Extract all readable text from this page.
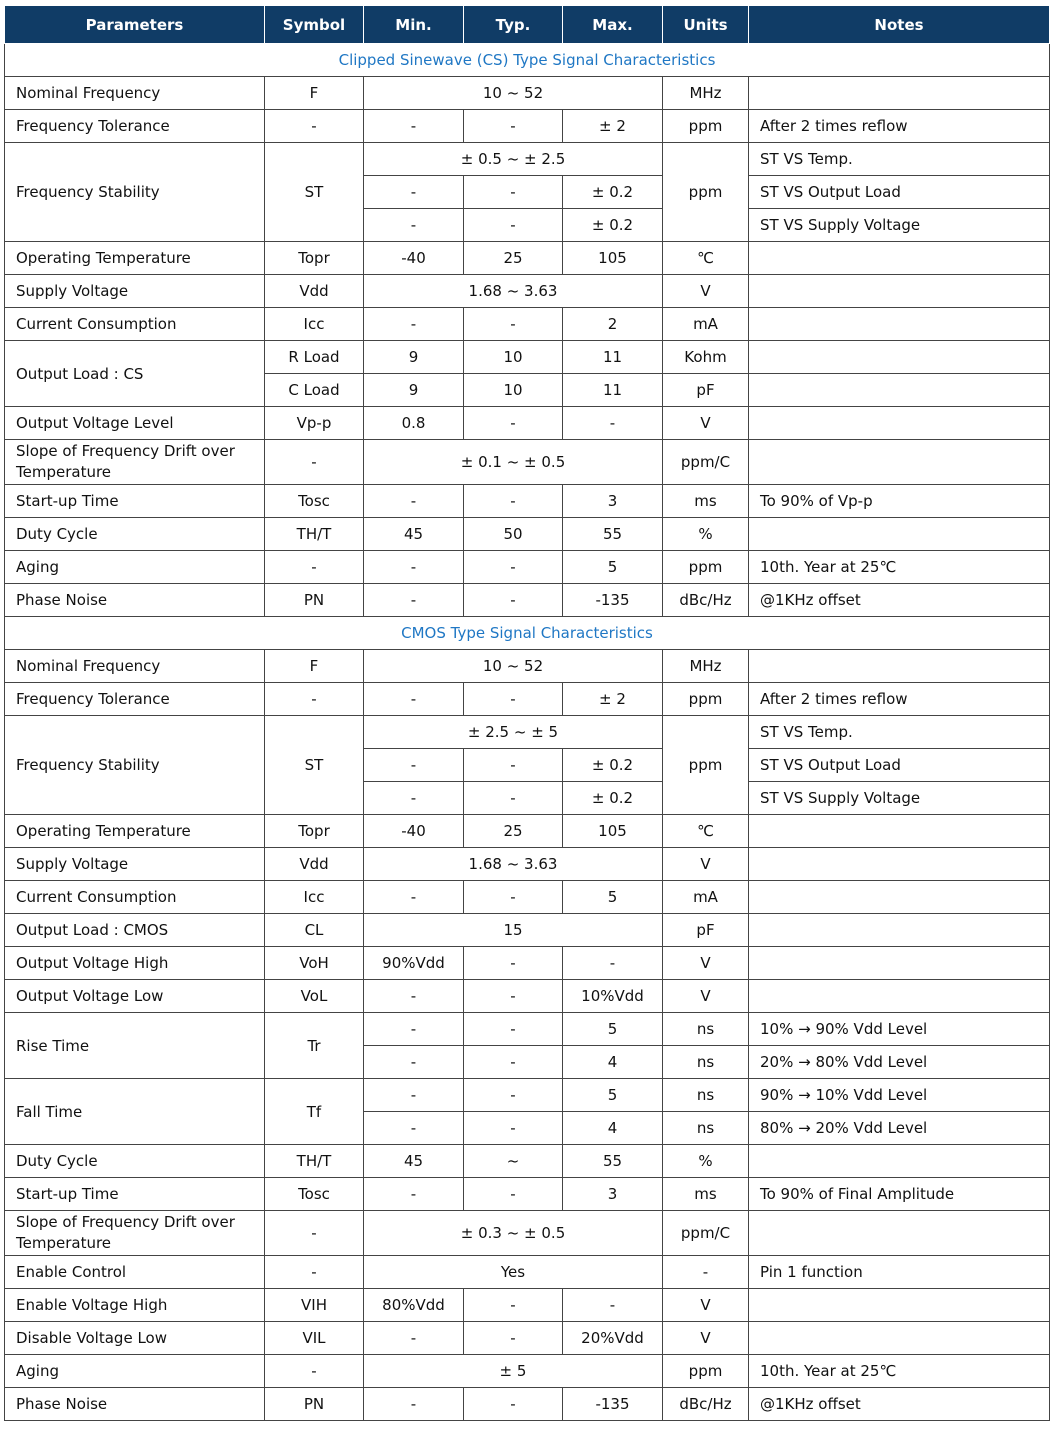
Parameters	Symbol	Min.	Typ.	Max.	Units	Notes
Clipped Sinewave (CS) Type Signal Characteristics						
Nominal Frequency	F	10 ~ 52			MHz	
Frequency Tolerance	-	-	-	± 2	ppm	After 2 times reflow
Frequency Stability	ST	± 0.5 ~ ± 2.5			ppm	ST VS Temp.
		-	-	± 0.2		ST VS Output Load
		-	-	± 0.2		ST VS Supply Voltage
Operating Temperature	Topr	-40	25	105	℃	
Supply Voltage	Vdd	1.68 ~ 3.63			V	
Current Consumption	Icc	-	-	2	mA	
Output Load : CS	R Load	9	10	11	Kohm	
	C Load	9	10	11	pF	
Output Voltage Level	Vp-p	0.8	-	-	V	
Slope of Frequency Drift over Temperature	-	± 0.1 ~ ± 0.5			ppm/C	
Start-up Time	Tosc	-	-	3	ms	To 90% of Vp-p
Duty Cycle	TH/T	45	50	55	%	
Aging	-	-	-	5	ppm	10th. Year at 25℃
Phase Noise	PN	-	-	-135	dBc/Hz	@1KHz offset
CMOS Type Signal Characteristics						
Nominal Frequency	F	10 ~ 52			MHz	
Frequency Tolerance	-	-	-	± 2	ppm	After 2 times reflow
Frequency Stability	ST	± 2.5 ~ ± 5			ppm	ST VS Temp.
		-	-	± 0.2		ST VS Output Load
		-	-	± 0.2		ST VS Supply Voltage
Operating Temperature	Topr	-40	25	105	℃	
Supply Voltage	Vdd	1.68 ~ 3.63			V	
Current Consumption	Icc	-	-	5	mA	
Output Load : CMOS	CL	15			pF	
Output Voltage High	VoH	90%Vdd	-	-	V	
Output Voltage Low	VoL	-	-	10%Vdd	V	
Rise Time	Tr	-	-	5	ns	10% → 90% Vdd Level
		-	-	4	ns	20% → 80% Vdd Level
Fall Time	Tf	-	-	5	ns	90% → 10% Vdd Level
		-	-	4	ns	80% → 20% Vdd Level
Duty Cycle	TH/T	45	~	55	%	
Start-up Time	Tosc	-	-	3	ms	To 90% of Final Amplitude
Slope of Frequency Drift over Temperature	-	± 0.3 ~ ± 0.5			ppm/C	
Enable Control	-	Yes			-	Pin 1 function
Enable Voltage High	VIH	80%Vdd	-	-	V	
Disable Voltage Low	VIL	-	-	20%Vdd	V	
Aging	-	± 5			ppm	10th. Year at 25℃
Phase Noise	PN	-	-	-135	dBc/Hz	@1KHz offset
